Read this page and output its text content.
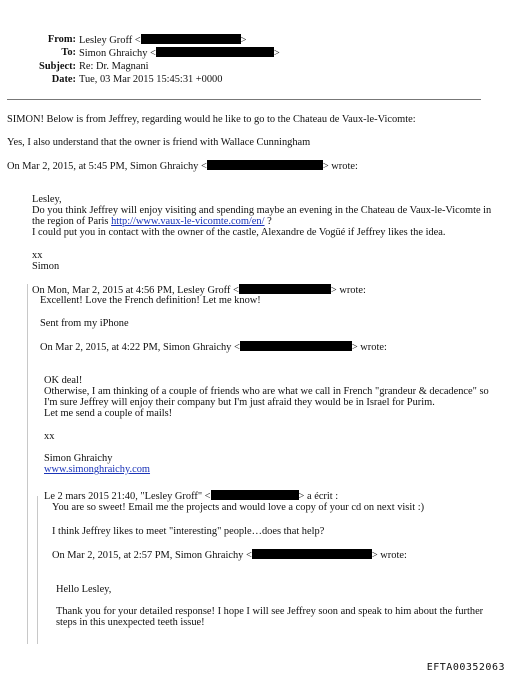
From: Lesley Groff <	>
To: Simon Ghraichy <	>
Subject: Re: Dr. Magnani
Date: Tue, 03 Mar 2015 15:45:31 +0000
SIMON! Below is from Jeffrey, regarding would he like to go to the Chateau de Vaux-le-Vicomte:
Yes, I also understand that the owner is friend with Wallace Cunningham
On Mar 2, 2015, at 5:45 PM, Simon Ghraichy <	> wrote:
Lesley,
Do you think Jeffrey will enjoy visiting and spending maybe an evening in the Chateau de Vaux-le-Vicomte in
the region of Paris http://www.vaux-le-vicomte.com/en/ ?
I could put you in contact with the owner of the castle, Alexandre de Vogüé if Jeffrey likes the idea.
xx
Simon
On Mon, Mar 2, 2015 at 4:56 PM, Lesley Groff <	> wrote:
Excellent! Love the French definition! Let me know!
Sent from my iPhone
On Mar 2, 2015, at 4:22 PM, Simon Ghraichy <	> wrote:
OK deal!
Otherwise, I am thinking of a couple of friends who are what we call in French "grandeur & decadence" so
I'm sure Jeffrey will enjoy their company but I'm just afraid they would be in Israel for Purim.
Let me send a couple of mails!
xx
Simon Ghraichy
www.simonghraichy.com
Le 2 mars 2015 21:40, "Lesley Groff" <	> a écrit :
You are so sweet! Email me the projects and would love a copy of your cd on next visit :)
I think Jeffrey likes to meet "interesting" people…does that help?
On Mar 2, 2015, at 2:57 PM, Simon Ghraichy <	> wrote:
Hello Lesley,
Thank you for your detailed response! I hope I will see Jeffrey soon and speak to him about the further
steps in this unexpected teeth issue!
EFTA00352063
